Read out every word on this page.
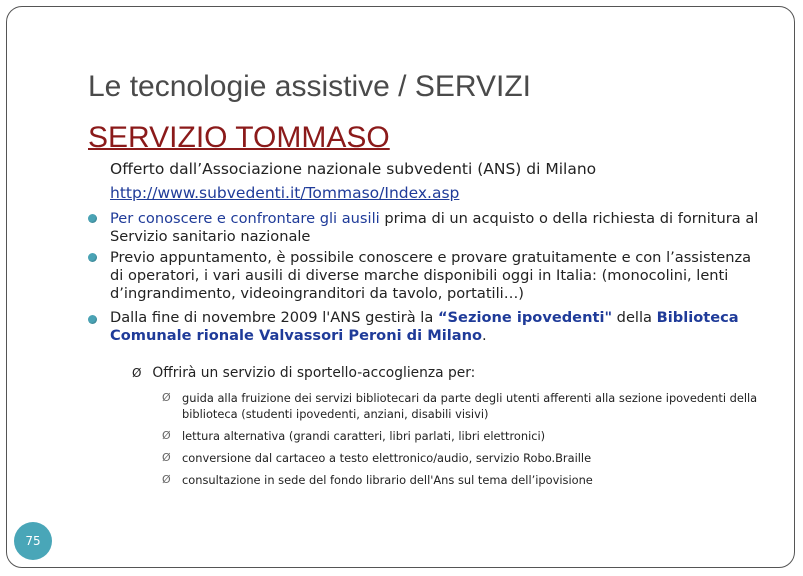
Le tecnologie assistive / SERVIZI
SERVIZIO TOMMASO
Offerto dall’Associazione nazionale subvedenti (ANS) di Milano
http://www.subvedenti.it/Tommaso/Index.asp
Per conoscere e confrontare gli ausili prima di un acquisto o della richiesta di fornitura al Servizio sanitario nazionale
Previo appuntamento, è possibile conoscere e provare gratuitamente e con l’assistenza di operatori, i vari ausili di diverse marche disponibili oggi in Italia: (monocolini, lenti d’ingrandimento, videoingranditori da tavolo, portatili…)
Dalla fine di novembre 2009 l'ANS gestirà la “Sezione ipovedenti" della Biblioteca Comunale rionale Valvassori Peroni di Milano.
Ø Offrirà un servizio di sportello-accoglienza per:
Ø guida alla fruizione dei servizi bibliotecari da parte degli utenti afferenti alla sezione ipovedenti della biblioteca (studenti ipovedenti, anziani, disabili visivi)
Ø lettura alternativa (grandi caratteri, libri parlati, libri elettronici)
Ø conversione dal cartaceo a testo elettronico/audio, servizio Robo.Braille
Ø consultazione in sede del fondo librario dell'Ans sul tema dell’ipovisione
75
